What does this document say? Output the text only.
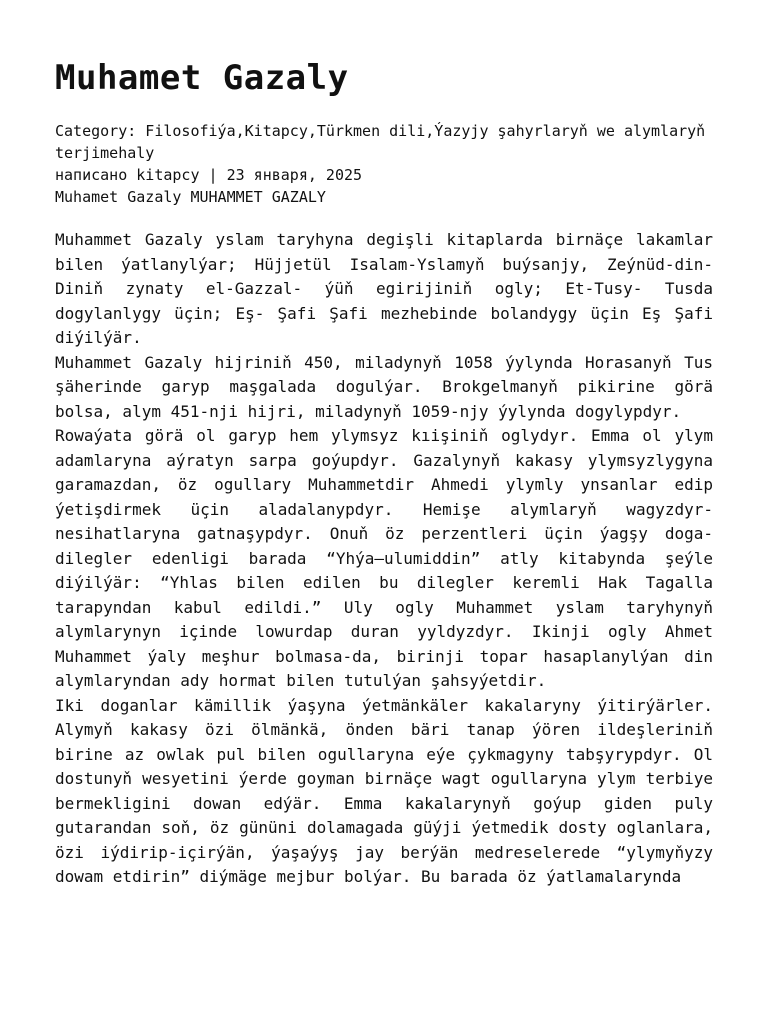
Muhamet Gazaly
Category: Filosofiýa,Kitapcy,Türkmen dili,Ýazyjy şahyrlaryň we alymlaryň terjimehaly
написано kitapcy | 23 января, 2025
Muhamet Gazaly MUHAMMET GAZALY

Muhammet Gazaly yslam taryhyna degişli kitaplarda birnäçe lakamlar bilen ýatlanylýar; Hüjjetül Isalam-Yslamyň buýsanjy, Zeýnüd-din- Diniň zynaty el-Gazzal- ýüň egirijiniň ogly; Et-Tusy- Tusda dogylanlygy üçin; Eş- Şafi Şafi mezhebinde bolandygy üçin Eş Şafi diýilýär.

Muhammet Gazaly hijriniň 450, miladynyň 1058 ýylynda Horasanyň Tus şäherinde garyp maşgalada dogulýar. Brokgelmanyň pikirine görä bolsa, alym 451-nji hijri, miladynyň 1059-njy ýylynda dogylypdyr.

Rowaýata görä ol garyp hem ylymsyz kıişiniň oglydyr. Emma ol ylym adamlaryna aýratyn sarpa goýupdyr. Gazalynyň kakasy ylymsyzlygyna garamazdan, öz ogullary Muhammetdir Ahmedi ylymly ynsanlar edip ýetişdirmek üçin aladalanypdyr. Hemişe alymlaryň wagyzdyr-nesihatlaryna gatnaşypdyr. Onuň öz perzentleri üçin ýagşy doga-dilegler edenligi barada “Yhýa–ulumiddin” atly kitabynda şeýle diýilýär: “Yhlas bilen edilen bu dilegler keremli Hak Tagalla tarapyndan kabul edildi.” Uly ogly Muhammet yslam taryhynyň alymlarynyn içinde lowurdap duran yyldyzdyr. Ikinji ogly Ahmet Muhammet ýaly meşhur bolmasa-da, birinji topar hasaplanylýan din alymlaryndan ady hormat bilen tutulýan şahsyýetdir.

Iki doganlar kämillik ýaşyna ýetmänkäler kakalaryny ýitirýärler. Alymyň kakasy özi ölmänkä, önden bäri tanap ýören ildeşleriniň birine az owlak pul bilen ogullaryna eýe çykmagyny tabşyrypdyr. Ol dostunyň wesyetini ýerde goyman birnäçe wagt ogullaryna ylym terbiye bermekligini dowan edýär. Emma kakalarynyň goýup giden puly gutarandan soň, öz gününi dolamagada güýji ýetmedik dosty oglanlara, özi iýdirip-içirýän, ýaşaýyş jay berýän medreselerede “ylymyňyzy dowam etdirin” diýmäge mejbur bolýar. Bu barada öz ýatlamalarynda
